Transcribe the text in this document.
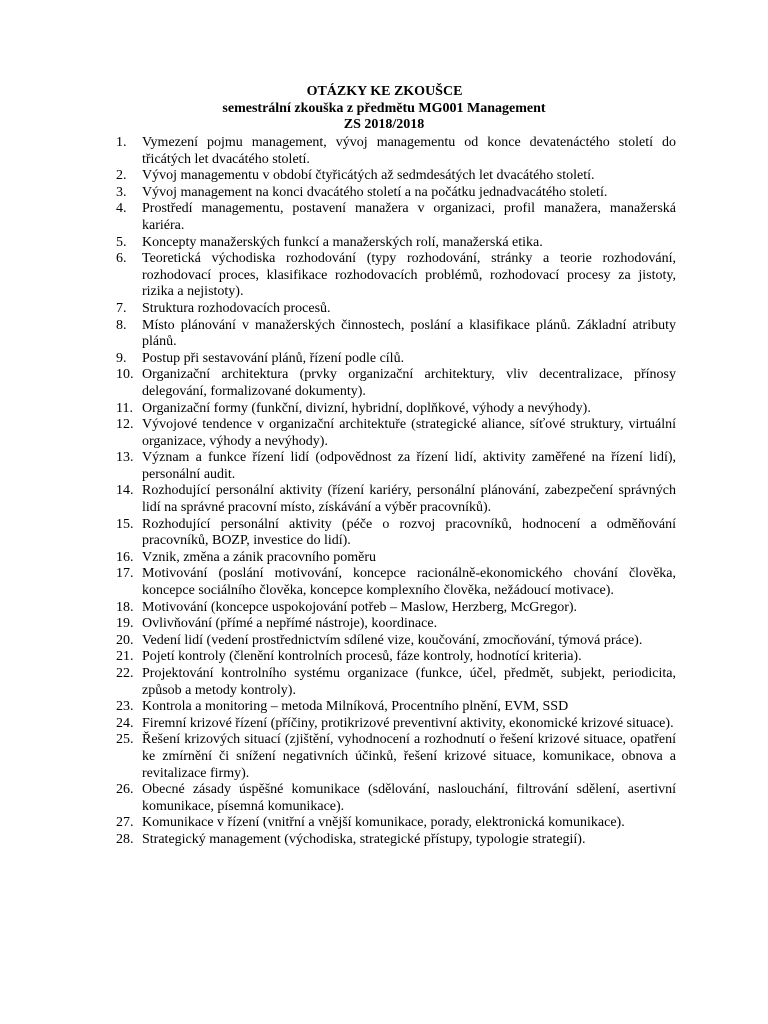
OTÁZKY KE ZKOUŠCE
semestrální zkouška z předmětu MG001 Management
ZS 2018/2018
1.	Vymezení pojmu management, vývoj managementu od konce devatenáctého století do třicátých let dvacátého století.
2.	Vývoj managementu v období čtyřicátých až sedmdesátých let dvacátého století.
3.	Vývoj management na konci dvacátého století a na počátku jednadvacátého století.
4.	Prostředí managementu, postavení manažera v organizaci, profil manažera, manažerská kariéra.
5.	Koncepty manažerských funkcí a manažerských rolí, manažerská etika.
6.	Teoretická východiska rozhodování (typy rozhodování, stránky a teorie rozhodování, rozhodovací proces, klasifikace rozhodovacích problémů, rozhodovací procesy za jistoty, rizika a nejistoty).
7.	Struktura rozhodovacích procesů.
8.	Místo plánování v manažerských činnostech, poslání a klasifikace plánů. Základní atributy plánů.
9.	Postup při sestavování plánů, řízení podle cílů.
10. Organizační architektura (prvky organizační architektury, vliv decentralizace, přínosy delegování, formalizované dokumenty).
11. Organizační formy (funkční, divizní, hybridní, doplňkové, výhody a nevýhody).
12. Vývojové tendence v organizační architektuře (strategické aliance, síťové struktury, virtuální organizace, výhody a nevýhody).
13. Význam a funkce řízení lidí (odpovědnost za řízení lidí, aktivity zaměřené na řízení lidí), personální audit.
14. Rozhodující personální aktivity (řízení kariéry, personální plánování, zabezpečení správných lidí na správné pracovní místo, získávání a výběr pracovníků).
15. Rozhodující personální aktivity (péče o rozvoj pracovníků, hodnocení a odměňování pracovníků, BOZP, investice do lidí).
16. Vznik, změna a zánik pracovního poměru
17. Motivování (poslání motivování, koncepce racionálně-ekonomického chování člověka, koncepce sociálního člověka, koncepce komplexního člověka, nežádoucí motivace).
18. Motivování (koncepce uspokojování potřeb – Maslow, Herzberg, McGregor).
19. Ovlivňování (přímé a nepřímé nástroje), koordinace.
20. Vedení lidí (vedení prostřednictvím sdílené vize, koučování, zmocňování, týmová práce).
21. Pojetí kontroly (členění kontrolních procesů, fáze kontroly, hodnotící kriteria).
22. Projektování kontrolního systému organizace (funkce, účel, předmět, subjekt, periodicita, způsob a metody kontroly).
23. Kontrola a monitoring – metoda Milníková, Procentního plnění, EVM, SSD
24. Firemní krizové řízení (příčiny, protikrizové preventivní aktivity, ekonomické krizové situace).
25. Řešení krizových situací (zjištění, vyhodnocení a rozhodnutí o řešení krizové situace, opatření ke zmírnění či snížení negativních účinků, řešení krizové situace, komunikace, obnova a revitalizace firmy).
26. Obecné zásady úspěšné komunikace (sdělování, naslouchání, filtrování sdělení, asertivní komunikace, písemná komunikace).
27. Komunikace v řízení (vnitřní a vnější komunikace, porady, elektronická komunikace).
28. Strategický management (východiska, strategické přístupy, typologie strategií).
